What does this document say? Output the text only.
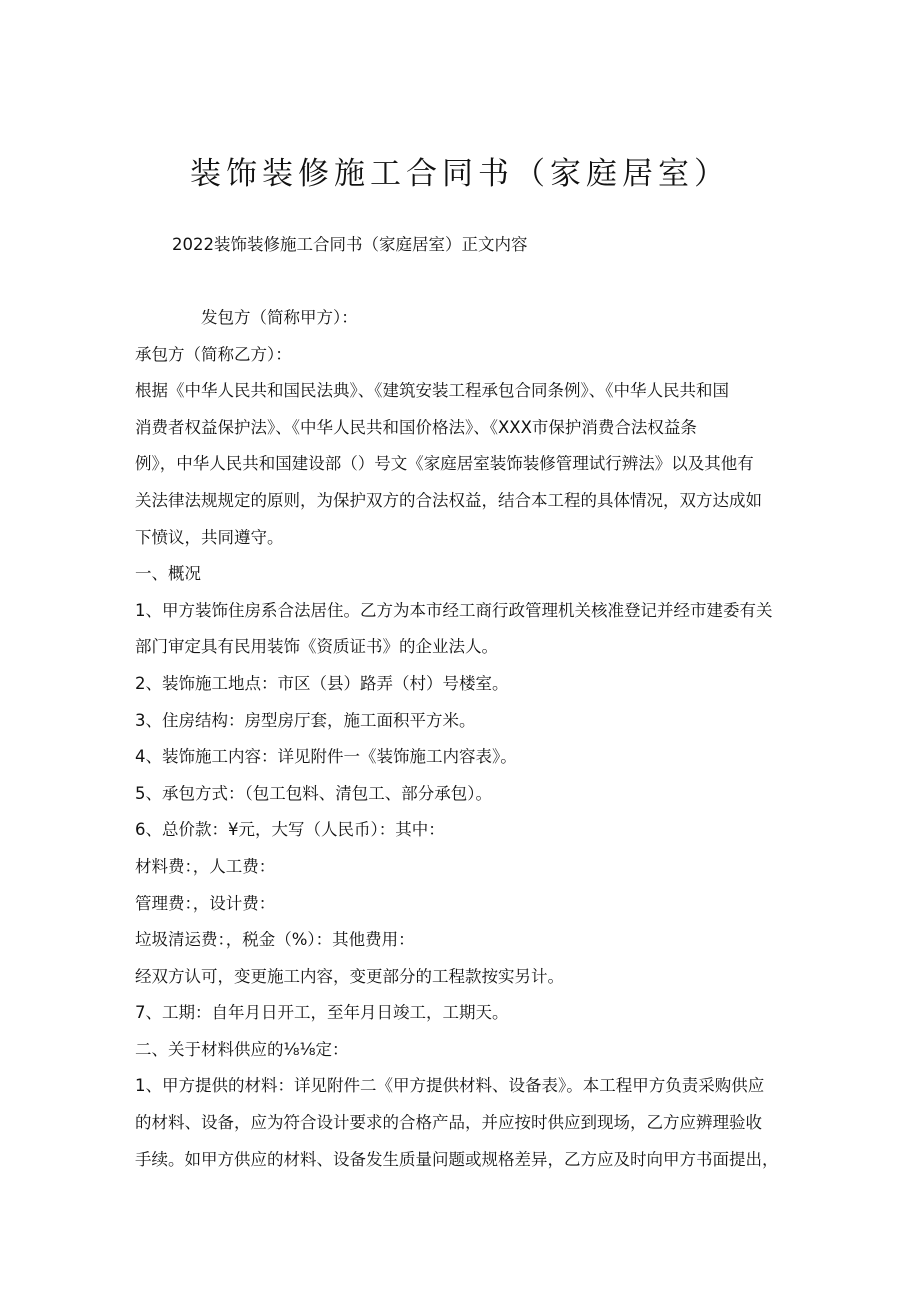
装饰装修施工合同书（家庭居室）
2022装饰装修施工合同书（家庭居室）正文内容
发包方（简称甲方）：
承包方（简称乙方）：
根据《中华人民共和国民法典》、《建筑安装工程承包合同条例》、《中华人民共和国
消费者权益保护法》、《中华人民共和国价格法》、《XXX市保护消费合法权益条
例》，中华人民共和国建设部（）号文《家庭居室装饰装修管理试行辨法》以及其他有
关法律法规规定的原则，为保护双方的合法权益，结合本工程的具体情况，双方达成如
下愤议，共同遵守。
一、概况
1、甲方装饰住房系合法居住。乙方为本市经工商行政管理机关核准登记并经市建委有关
部门审定具有民用装饰《资质证书》的企业法人。
2、装饰施工地点：市区（县）路弄（村）号楼室。
3、住房结构：房型房厅套，施工面积平方米。
4、装饰施工内容：详见附件一《装饰施工内容表》。
5、承包方式：（包工包料、清包工、部分承包）。
6、总价款：¥元，大写（人民币）：其中：
材料费：，人工费：
管理费：，设计费：
垃圾清运费：，税金（%）：其他费用：
经双方认可，变更施工内容，变更部分的工程款按实另计。
7、工期：自年月日开工，至年月日竣工，工期天。
二、关于材料供应的⅛⅛定：
1、甲方提供的材料：详见附件二《甲方提供材料、设备表》。本工程甲方负责采购供应
的材料、设备，应为符合设计要求的合格产品，并应按时供应到现场，乙方应辨理验收
手续。如甲方供应的材料、设备发生质量问题或规格差异，乙方应及时向甲方书面提出，
